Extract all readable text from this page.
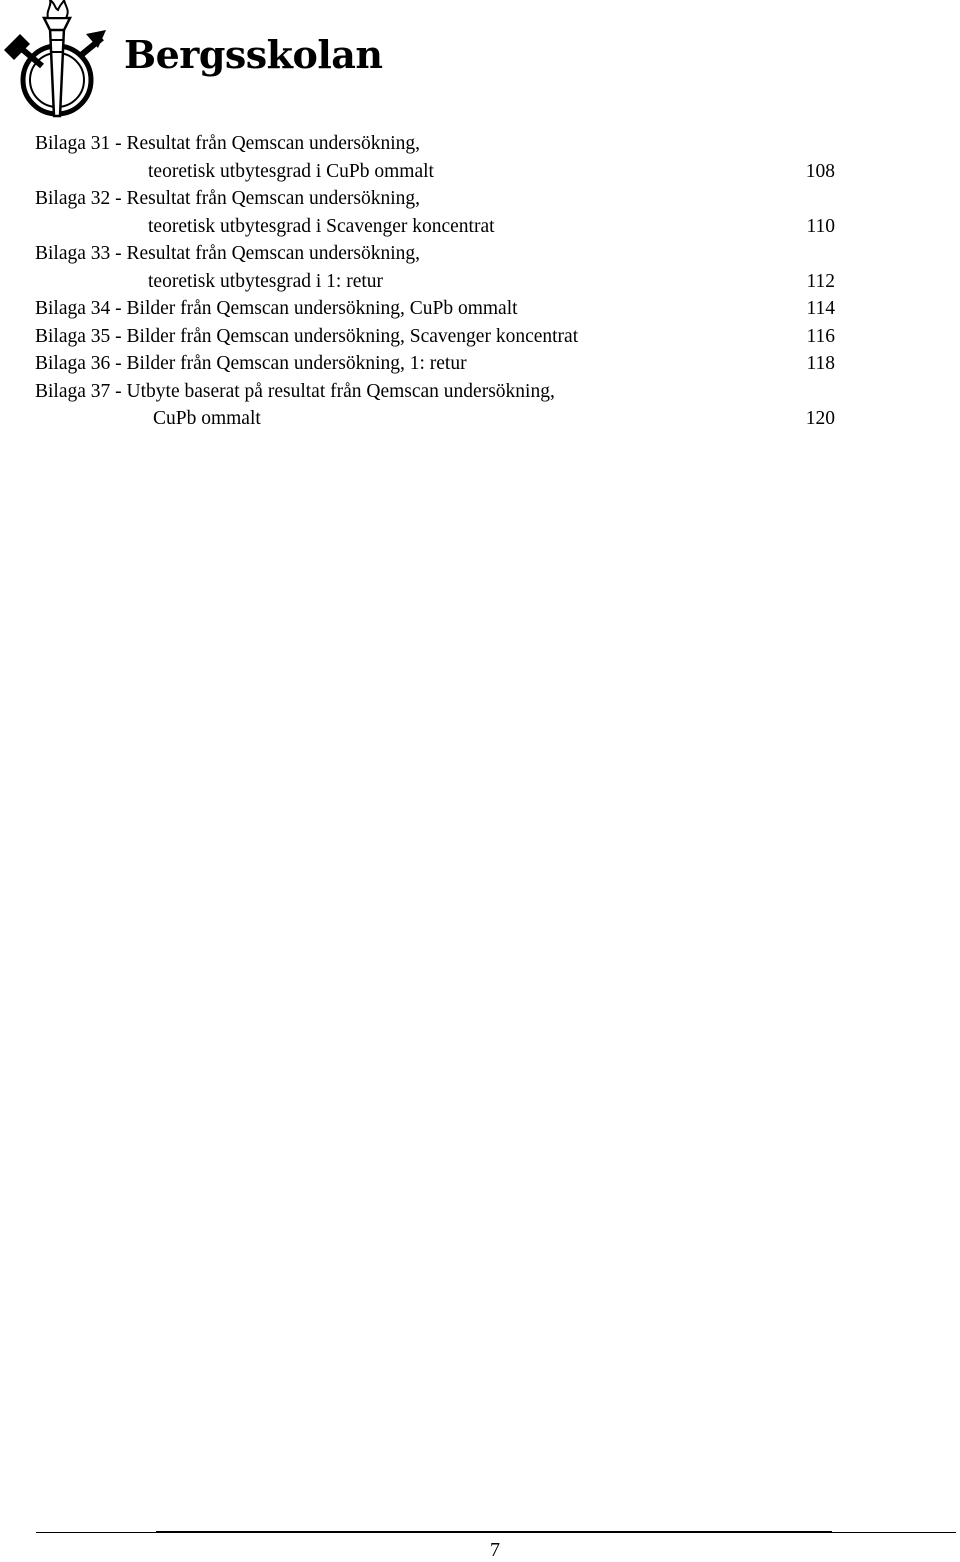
Bergsskolan
Bilaga 31 - Resultat från Qemscan undersökning,
teoretisk utbytesgrad i CuPb ommalt	108
Bilaga 32 - Resultat från Qemscan undersökning,
teoretisk utbytesgrad i Scavenger koncentrat	110
Bilaga 33 - Resultat från Qemscan undersökning,
teoretisk utbytesgrad i 1: retur	112
Bilaga 34 - Bilder från Qemscan undersökning, CuPb ommalt	114
Bilaga 35 - Bilder från Qemscan undersökning, Scavenger koncentrat	116
Bilaga 36 - Bilder från Qemscan undersökning, 1: retur	118
Bilaga 37 - Utbyte baserat på resultat från Qemscan undersökning,
CuPb ommalt	120
7
